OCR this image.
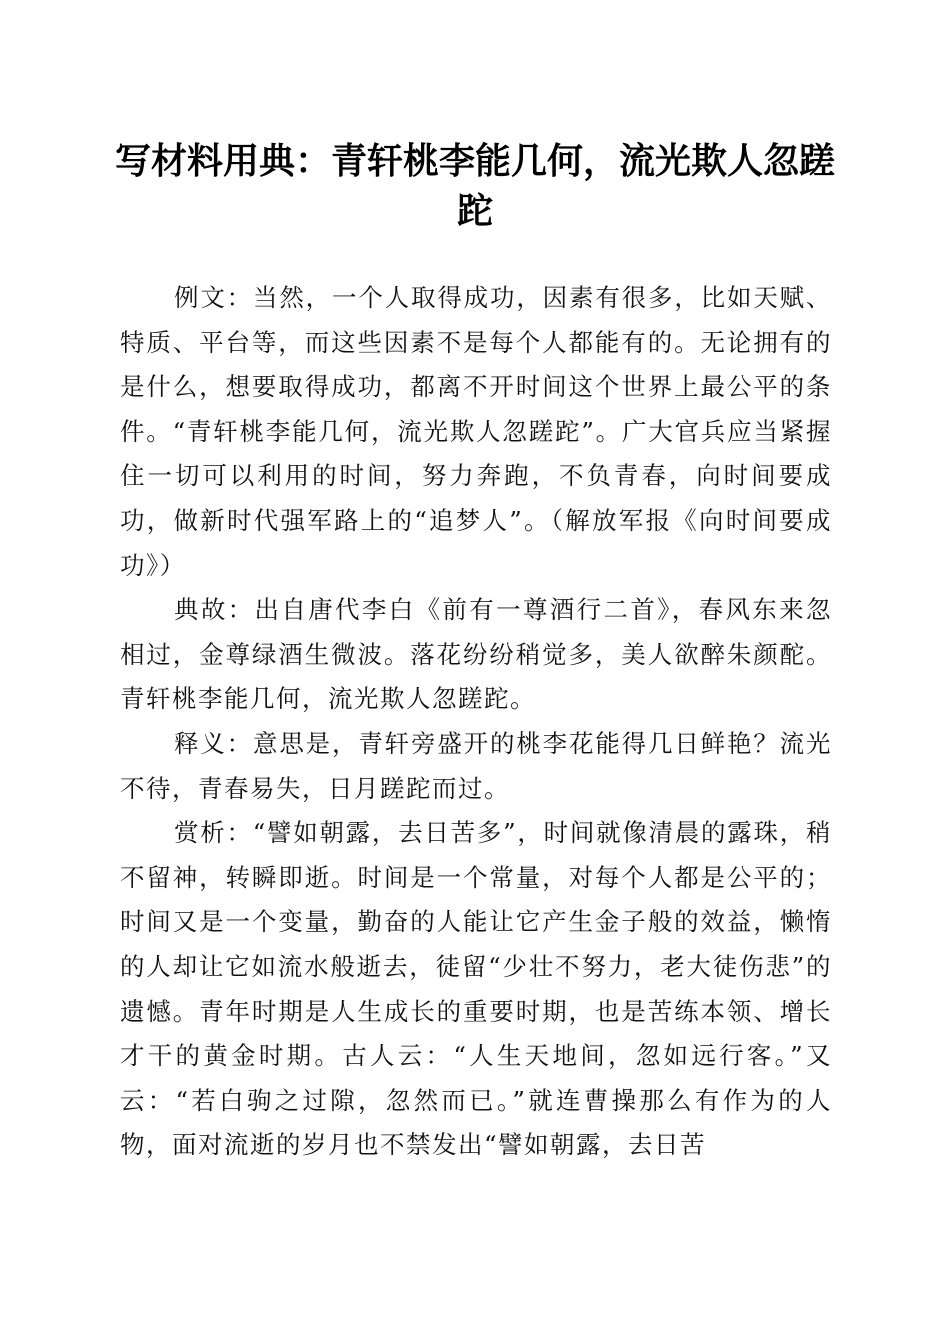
写材料用典：青轩桃李能几何，流光欺人忽蹉跎

例文：当然，一个人取得成功，因素有很多，比如天赋、特质、平台等，而这些因素不是每个人都能有的。无论拥有的是什么，想要取得成功，都离不开时间这个世界上最公平的条件。“青轩桃李能几何，流光欺人忽蹉跎”。广大官兵应当紧握住一切可以利用的时间，努力奔跑，不负青春，向时间要成功，做新时代强军路上的“追梦人”。（解放军报《向时间要成功》）

典故：出自唐代李白《前有一尊酒行二首》，春风东来忽相过，金尊绿酒生微波。落花纷纷稍觉多，美人欲醉朱颜酡。青轩桃李能几何，流光欺人忽蹉跎。

释义：意思是，青轩旁盛开的桃李花能得几日鲜艳？流光不待，青春易失，日月蹉跎而过。

赏析：“譬如朝露，去日苦多”，时间就像清晨的露珠，稍不留神，转瞬即逝。时间是一个常量，对每个人都是公平的；时间又是一个变量，勤奋的人能让它产生金子般的效益，懒惰的人却让它如流水般逝去，徒留“少壮不努力，老大徒伤悲”的遗憾。青年时期是人生成长的重要时期，也是苦练本领、增长才干的黄金时期。古人云：“人生天地间，忽如远行客。”又云：“若白驹之过隙，忽然而已。”就连曹操那么有作为的人物，面对流逝的岁月也不禁发出“譬如朝露，去日苦
